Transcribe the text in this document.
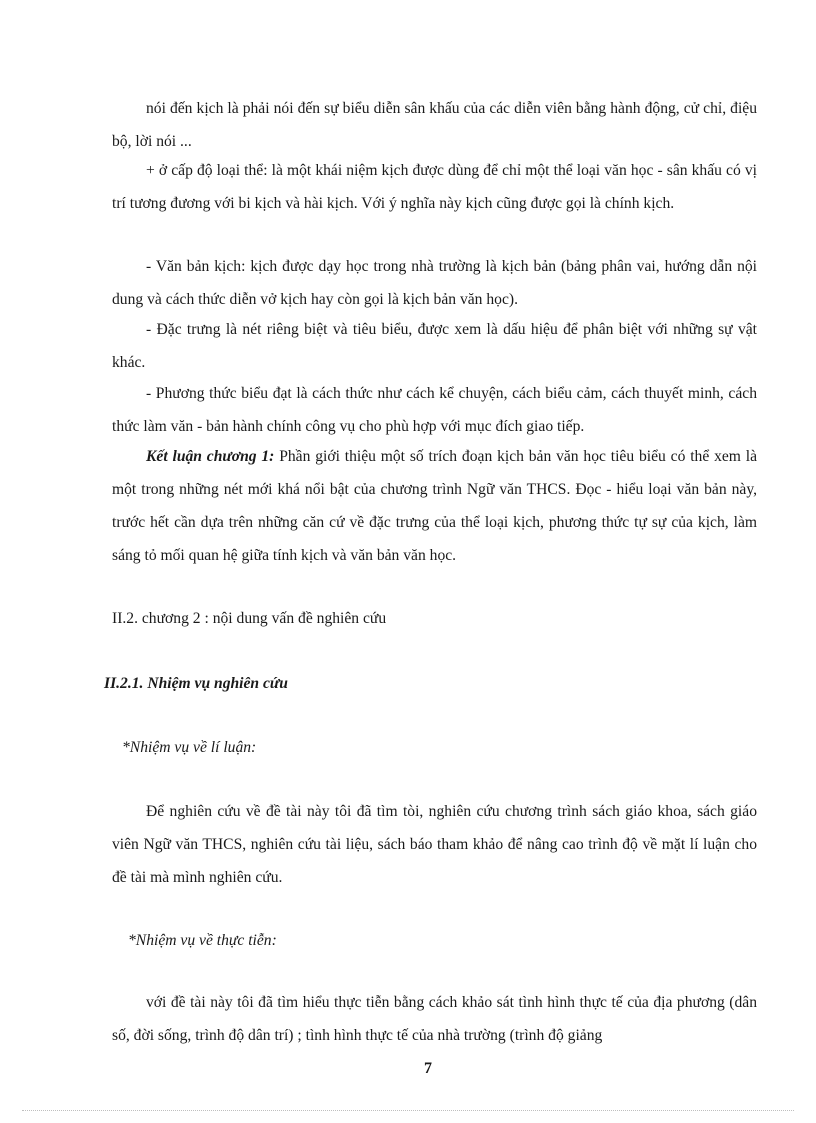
nói đến kịch là phải nói đến sự biểu diễn sân khấu của các diễn viên bằng hành động, cử chỉ, điệu bộ, lời nói ...

+ ở cấp độ loại thể: là một khái niệm kịch được dùng để chỉ một thể loại văn học - sân khấu có vị trí tương đương với bi kịch và hài kịch. Với ý nghĩa này kịch cũng được gọi là chính kịch.

- Văn bản kịch: kịch được dạy học trong nhà trường là kịch bản (bảng phân vai, hướng dẫn nội dung và cách thức diễn vở kịch hay còn gọi là kịch bản văn học).

- Đặc trưng là nét riêng biệt và tiêu biểu, được xem là dấu hiệu để phân biệt với những sự vật khác.

- Phương thức biểu đạt là cách thức như cách kể chuyện, cách biểu cảm, cách thuyết minh, cách thức làm văn - bản hành chính công vụ cho phù hợp với mục đích giao tiếp.

Kết luận chương 1: Phần giới thiệu một số trích đoạn kịch bản văn học tiêu biểu có thể xem là một trong những nét mới khá nổi bật của chương trình Ngữ văn THCS. Đọc - hiểu loại văn bản này, trước hết cần dựa trên những căn cứ về đặc trưng của thể loại kịch, phương thức tự sự của kịch, làm sáng tỏ mối quan hệ giữa tính kịch và văn bản văn học.

II.2. chương 2 : nội dung vấn đề nghiên cứu

II.2.1. Nhiệm vụ nghiên cứu

*Nhiệm vụ về lí luận:

Để nghiên cứu về đề tài này tôi đã tìm tòi, nghiên cứu chương trình sách giáo khoa, sách giáo viên Ngữ văn THCS, nghiên cứu tài liệu, sách báo tham khảo để nâng cao trình độ về mặt lí luận cho đề tài mà mình nghiên cứu.

*Nhiệm vụ về thực tiễn:

với đề tài này tôi đã tìm hiểu thực tiễn bằng cách khảo sát tình hình thực tế của địa phương (dân số, đời sống, trình độ dân trí) ; tình hình thực tế của nhà trường (trình độ giảng

7
